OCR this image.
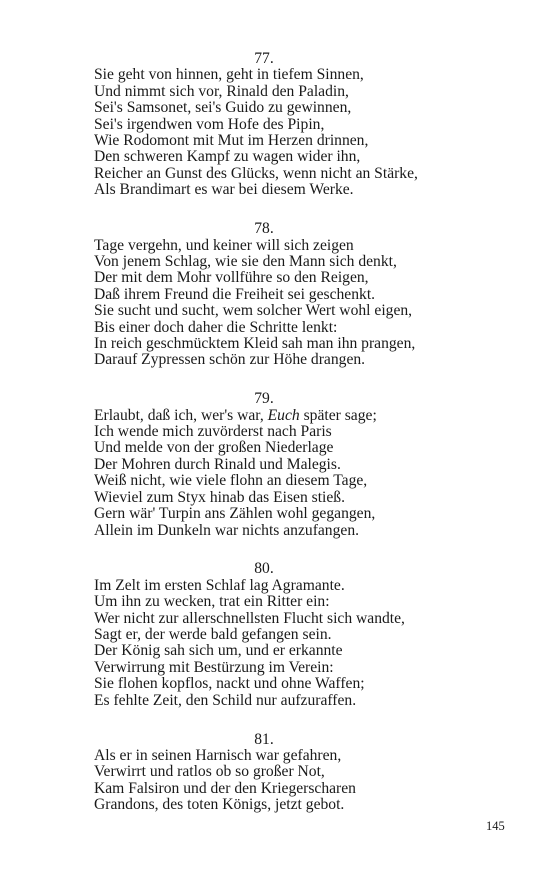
77.
Sie geht von hinnen, geht in tiefem Sinnen,
Und nimmt sich vor, Rinald den Paladin,
Sei's Samsonet, sei's Guido zu gewinnen,
Sei's irgendwen vom Hofe des Pipin,
Wie Rodomont mit Mut im Herzen drinnen,
Den schweren Kampf zu wagen wider ihn,
Reicher an Gunst des Glücks, wenn nicht an Stärke,
Als Brandimart es war bei diesem Werke.
78.
Tage vergehn, und keiner will sich zeigen
Von jenem Schlag, wie sie den Mann sich denkt,
Der mit dem Mohr vollführe so den Reigen,
Daß ihrem Freund die Freiheit sei geschenkt.
Sie sucht und sucht, wem solcher Wert wohl eigen,
Bis einer doch daher die Schritte lenkt:
In reich geschmücktem Kleid sah man ihn prangen,
Darauf Zypressen schön zur Höhe drangen.
79.
Erlaubt, daß ich, wer's war, Euch später sage;
Ich wende mich zuvörderst nach Paris
Und melde von der großen Niederlage
Der Mohren durch Rinald und Malegis.
Weiß nicht, wie viele flohn an diesem Tage,
Wieviel zum Styx hinab das Eisen stieß.
Gern wär' Turpin ans Zählen wohl gegangen,
Allein im Dunkeln war nichts anzufangen.
80.
Im Zelt im ersten Schlaf lag Agramante.
Um ihn zu wecken, trat ein Ritter ein:
Wer nicht zur allerschnellsten Flucht sich wandte,
Sagt er, der werde bald gefangen sein.
Der König sah sich um, und er erkannte
Verwirrung mit Bestürzung im Verein:
Sie flohen kopflos, nackt und ohne Waffen;
Es fehlte Zeit, den Schild nur aufzuraffen.
81.
Als er in seinen Harnisch war gefahren,
Verwirrt und ratlos ob so großer Not,
Kam Falsiron und der den Kriegerscharen
Grandons, des toten Königs, jetzt gebot.
145
